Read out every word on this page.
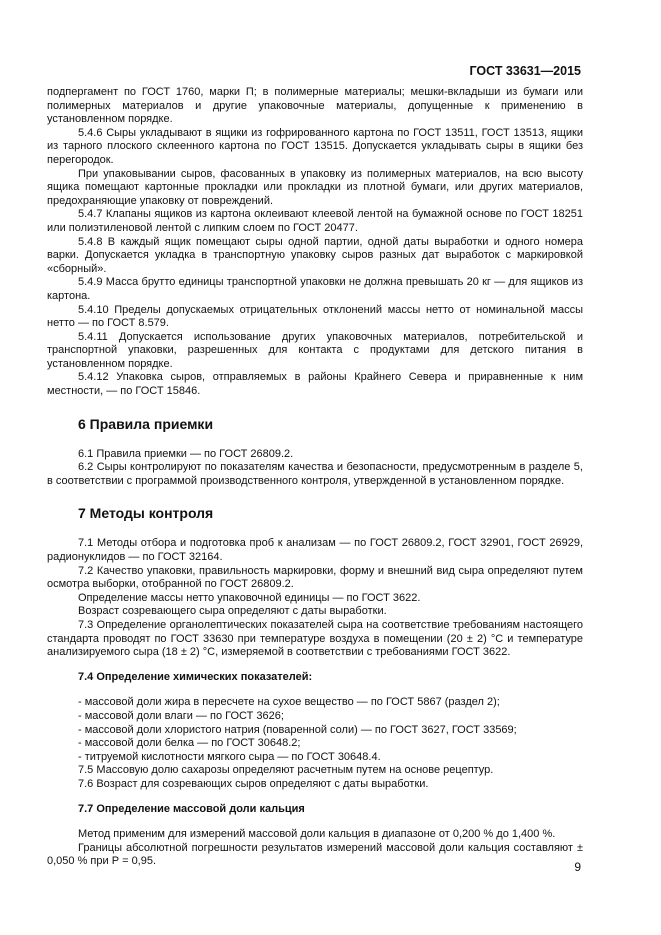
ГОСТ 33631—2015

подпергамент по ГОСТ 1760, марки П; в полимерные материалы; мешки-вкладыши из бумаги или полимерных материалов и другие упаковочные материалы, допущенные к применению в установленном порядке.

5.4.6 Сыры укладывают в ящики из гофрированного картона по ГОСТ 13511, ГОСТ 13513, ящики из тарного плоского склеенного картона по ГОСТ 13515. Допускается укладывать сыры в ящики без перегородок.

При упаковывании сыров, фасованных в упаковку из полимерных материалов, на всю высоту ящика помещают картонные прокладки или прокладки из плотной бумаги, или других материалов, предохраняющие упаковку от повреждений.

5.4.7 Клапаны ящиков из картона оклеивают клеевой лентой на бумажной основе по ГОСТ 18251 или полиэтиленовой лентой с липким слоем по ГОСТ 20477.

5.4.8 В каждый ящик помещают сыры одной партии, одной даты выработки и одного номера варки. Допускается укладка в транспортную упаковку сыров разных дат выработок с маркировкой «сборный».

5.4.9 Масса брутто единицы транспортной упаковки не должна превышать 20 кг — для ящиков из картона.

5.4.10 Пределы допускаемых отрицательных отклонений массы нетто от номинальной массы нетто — по ГОСТ 8.579.

5.4.11 Допускается использование других упаковочных материалов, потребительской и транспортной упаковки, разрешенных для контакта с продуктами для детского питания в установленном порядке.

5.4.12 Упаковка сыров, отправляемых в районы Крайнего Севера и приравненные к ним местности, — по ГОСТ 15846.

6 Правила приемки

6.1 Правила приемки — по ГОСТ 26809.2.

6.2 Сыры контролируют по показателям качества и безопасности, предусмотренным в разделе 5, в соответствии с программой производственного контроля, утвержденной в установленном порядке.

7 Методы контроля

7.1 Методы отбора и подготовка проб к анализам — по ГОСТ 26809.2, ГОСТ 32901, ГОСТ 26929, радионуклидов — по ГОСТ 32164.

7.2 Качество упаковки, правильность маркировки, форму и внешний вид сыра определяют путем осмотра выборки, отобранной по ГОСТ 26809.2.

Определение массы нетто упаковочной единицы — по ГОСТ 3622.

Возраст созревающего сыра определяют с даты выработки.

7.3 Определение органолептических показателей сыра на соответствие требованиям настоящего стандарта проводят по ГОСТ 33630 при температуре воздуха в помещении (20 ± 2) °С и температуре анализируемого сыра (18 ± 2) °С, измеряемой в соответствии с требованиями ГОСТ 3622.

7.4 Определение химических показателей:

- массовой доли жира в пересчете на сухое вещество — по ГОСТ 5867 (раздел 2);

- массовой доли влаги — по ГОСТ 3626;

- массовой доли хлористого натрия (поваренной соли) — по ГОСТ 3627, ГОСТ 33569;

- массовой доли белка — по ГОСТ 30648.2;

- титруемой кислотности мягкого сыра — по ГОСТ 30648.4.

7.5 Массовую долю сахарозы определяют расчетным путем на основе рецептур.

7.6 Возраст для созревающих сыров определяют с даты выработки.

7.7 Определение массовой доли кальция

Метод применим для измерений массовой доли кальция в диапазоне от 0,200 % до 1,400 %.

Границы абсолютной погрешности результатов измерений массовой доли кальция составляют ± 0,050 % при Р = 0,95.	9
